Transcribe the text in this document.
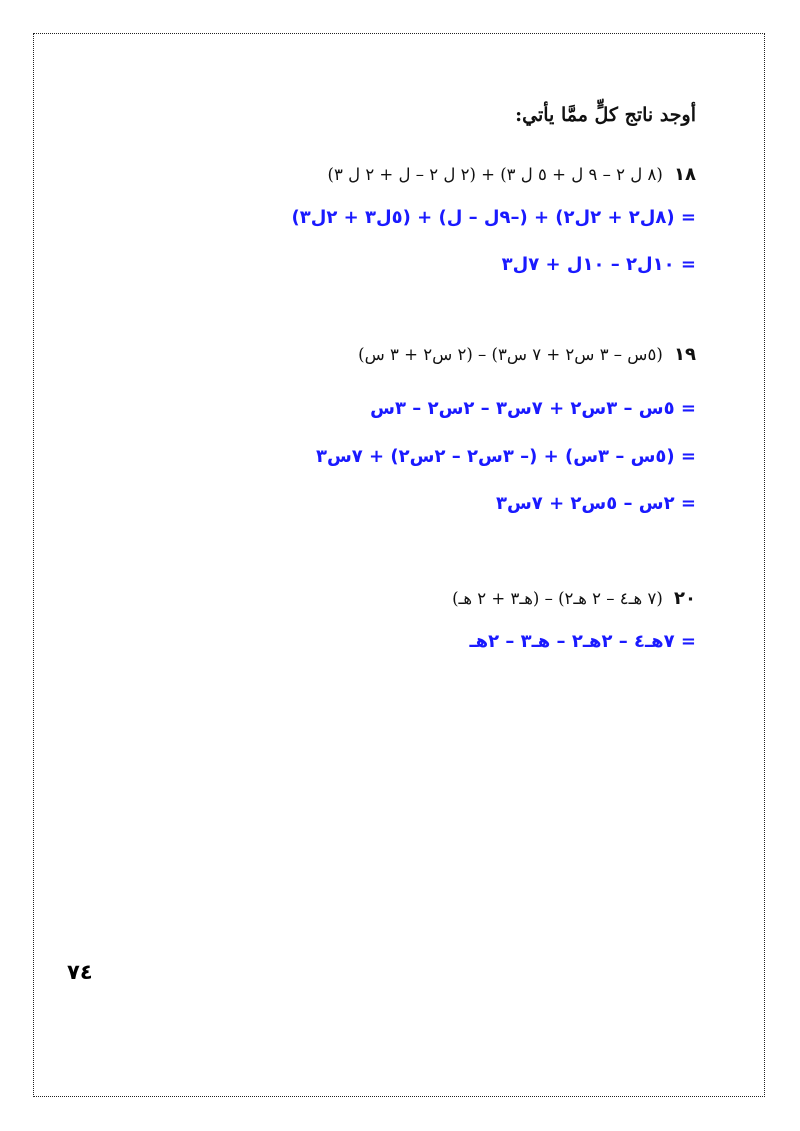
أوجد ناتج كلٍّ ممَّا يأتي:
١٨ (٨ ل ٢ – ٩ ل + ٥ ل ٣) + (٢ ل ٢ – ل + ٢ ل ٣)
= (٨ل٢ + ٢ل٢) + (–٩ل – ل) + (٥ل٣ + ٢ل٣)
= ١٠ل٢ – ١٠ل + ٧ل٣
١٩ (٥س – ٣ س٢ + ٧ س٣) – (٢ س٢ + ٣ س)
= ٥س – ٣س٢ + ٧س٣ – ٢س٢ – ٣س
= (٥س – ٣س) + (– ٣س٢ – ٢س٢) + ٧س٣
= ٢س – ٥س٢ + ٧س٣
٢٠ (٧ هـ٤ – ٢ هـ٢) – (هـ٣ + ٢ هـ)
= ٧هـ٤ – ٢هـ٢ – هـ٣ – ٢هـ
٧٤
